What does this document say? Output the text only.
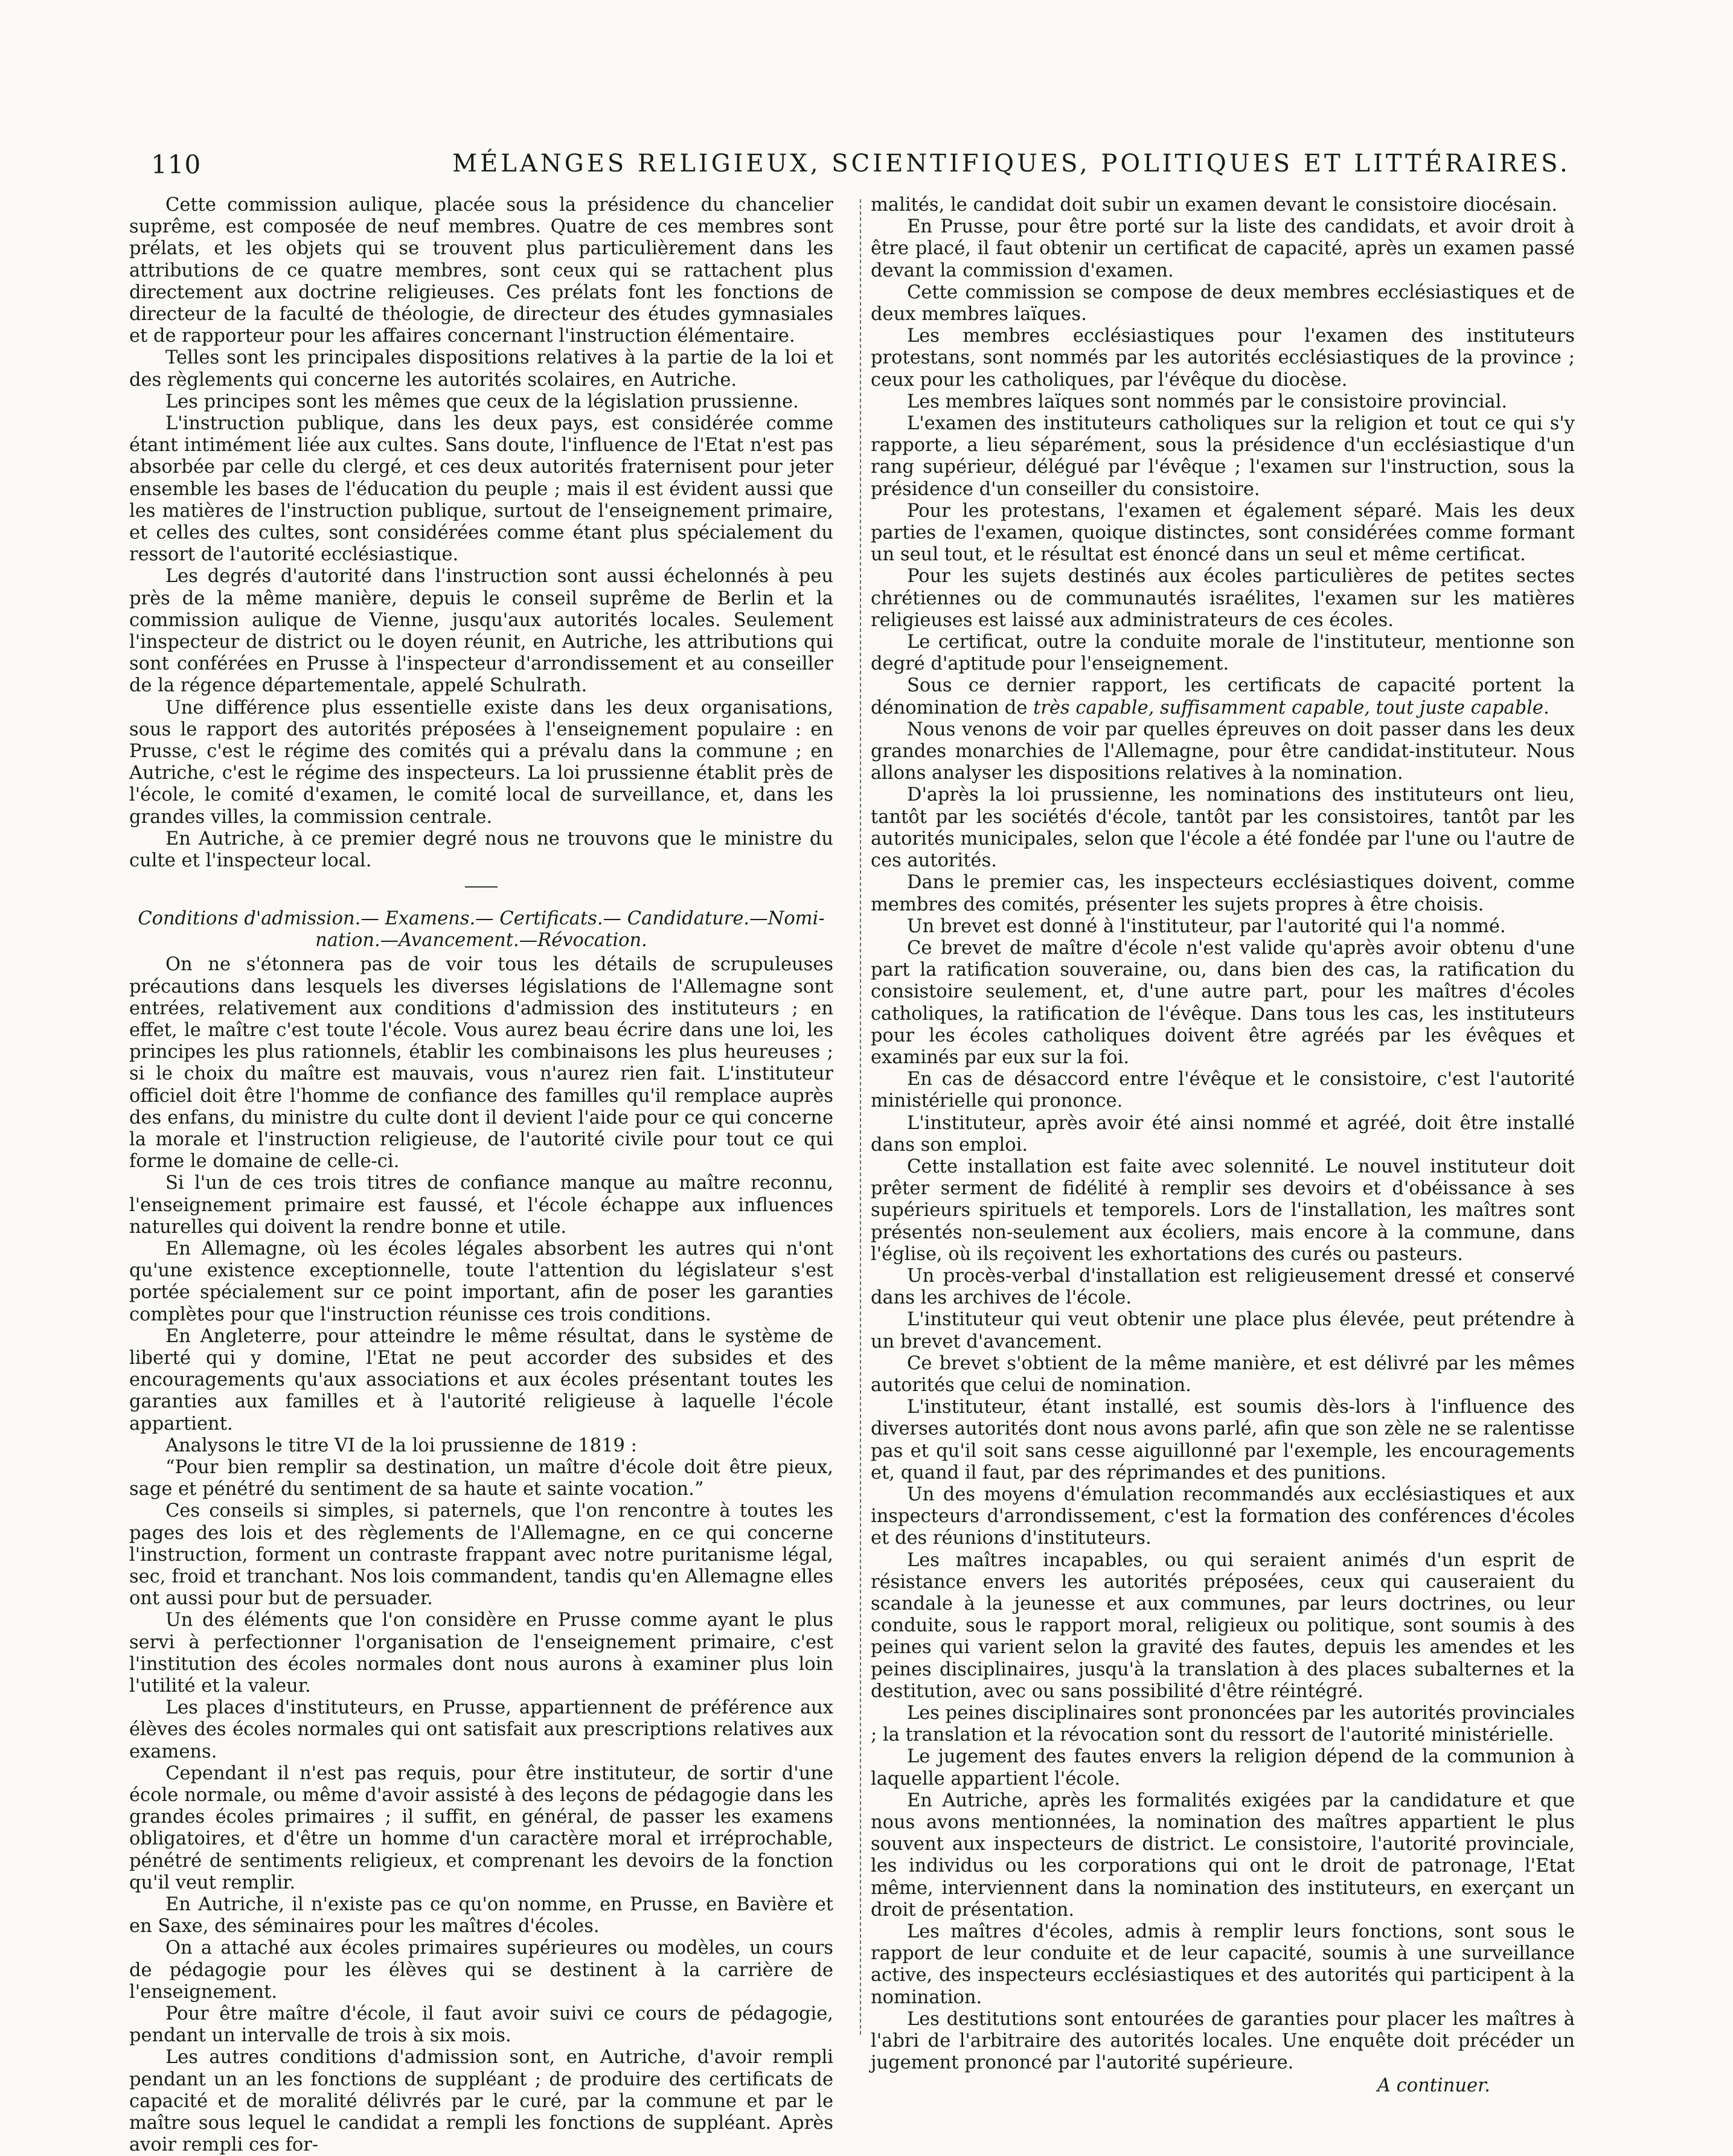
110	MÉLANGES RELIGIEUX, SCIENTIFIQUES, POLITIQUES ET LITTÉRAIRES.

Cette commission aulique, placée sous la présidence du chancelier suprême, est composée de neuf membres. Quatre de ces membres sont prélats, et les objets qui se trouvent plus particulièrement dans les attributions de ce quatre membres, sont ceux qui se rattachent plus directement aux doctrine religieuses. Ces prélats font les fonctions de directeur de la faculté de théologie, de directeur des études gymnasiales et de rapporteur pour les affaires concernant l'instruction élémentaire.

Telles sont les principales dispositions relatives à la partie de la loi et des règlements qui concerne les autorités scolaires, en Autriche.

Les principes sont les mêmes que ceux de la législation prussienne.

L'instruction publique, dans les deux pays, est considérée comme étant intimément liée aux cultes. Sans doute, l'influence de l'Etat n'est pas absorbée par celle du clergé, et ces deux autorités fraternisent pour jeter ensemble les bases de l'éducation du peuple ; mais il est évident aussi que les matières de l'instruction publique, surtout de l'enseignement primaire, et celles des cultes, sont considérées comme étant plus spécialement du ressort de l'autorité ecclésiastique.

Les degrés d'autorité dans l'instruction sont aussi échelonnés à peu près de la même manière, depuis le conseil suprême de Berlin et la commission aulique de Vienne, jusqu'aux autorités locales. Seulement l'inspecteur de district ou le doyen réunit, en Autriche, les attributions qui sont conférées en Prusse à l'inspecteur d'arrondissement et au conseiller de la régence départementale, appelé Schulrath.

Une différence plus essentielle existe dans les deux organisations, sous le rapport des autorités préposées à l'enseignement populaire : en Prusse, c'est le régime des comités qui a prévalu dans la commune ; en Autriche, c'est le régime des inspecteurs. La loi prussienne établit près de l'école, le comité d'examen, le comité local de surveillance, et, dans les grandes villes, la commission centrale.

En Autriche, à ce premier degré nous ne trouvons que le ministre du culte et l'inspecteur local.

Conditions d'admission.— Examens.— Certificats.— Candidature.—Nomi-
nation.—Avancement.—Révocation.

On ne s'étonnera pas de voir tous les détails de scrupuleuses précautions dans lesquels les diverses législations de l'Allemagne sont entrées, relativement aux conditions d'admission des instituteurs ; en effet, le maître c'est toute l'école. Vous aurez beau écrire dans une loi, les principes les plus rationnels, établir les combinaisons les plus heureuses ; si le choix du maître est mauvais, vous n'aurez rien fait. L'instituteur officiel doit être l'homme de confiance des familles qu'il remplace auprès des enfans, du ministre du culte dont il devient l'aide pour ce qui concerne la morale et l'instruction religieuse, de l'autorité civile pour tout ce qui forme le domaine de celle-ci.

Si l'un de ces trois titres de confiance manque au maître reconnu, l'enseignement primaire est faussé, et l'école échappe aux influences naturelles qui doivent la rendre bonne et utile.

En Allemagne, où les écoles légales absorbent les autres qui n'ont qu'une existence exceptionnelle, toute l'attention du législateur s'est portée spécialement sur ce point important, afin de poser les garanties complètes pour que l'instruction réunisse ces trois conditions.

En Angleterre, pour atteindre le même résultat, dans le système de liberté qui y domine, l'Etat ne peut accorder des subsides et des encouragements qu'aux associations et aux écoles présentant toutes les garanties aux familles et à l'autorité religieuse à laquelle l'école appartient.

Analysons le titre VI de la loi prussienne de 1819 :

“Pour bien remplir sa destination, un maître d'école doit être pieux, sage et pénétré du sentiment de sa haute et sainte vocation.”

Ces conseils si simples, si paternels, que l'on rencontre à toutes les pages des lois et des règlements de l'Allemagne, en ce qui concerne l'instruction, forment un contraste frappant avec notre puritanisme légal, sec, froid et tranchant. Nos lois commandent, tandis qu'en Allemagne elles ont aussi pour but de persuader.

Un des éléments que l'on considère en Prusse comme ayant le plus servi à perfectionner l'organisation de l'enseignement primaire, c'est l'institution des écoles normales dont nous aurons à examiner plus loin l'utilité et la valeur.

Les places d'instituteurs, en Prusse, appartiennent de préférence aux élèves des écoles normales qui ont satisfait aux prescriptions relatives aux examens.

Cependant il n'est pas requis, pour être instituteur, de sortir d'une école normale, ou même d'avoir assisté à des leçons de pédagogie dans les grandes écoles primaires ; il suffit, en général, de passer les examens obligatoires, et d'être un homme d'un caractère moral et irréprochable, pénétré de sentiments religieux, et comprenant les devoirs de la fonction qu'il veut remplir.

En Autriche, il n'existe pas ce qu'on nomme, en Prusse, en Bavière et en Saxe, des séminaires pour les maîtres d'écoles.

On a attaché aux écoles primaires supérieures ou modèles, un cours de pédagogie pour les élèves qui se destinent à la carrière de l'enseignement.

Pour être maître d'école, il faut avoir suivi ce cours de pédagogie, pendant un intervalle de trois à six mois.

Les autres conditions d'admission sont, en Autriche, d'avoir rempli pendant un an les fonctions de suppléant ; de produire des certificats de capacité et de moralité délivrés par le curé, par la commune et par le maître sous lequel le candidat a rempli les fonctions de suppléant. Après avoir rempli ces for-

malités, le candidat doit subir un examen devant le consistoire diocésain.

En Prusse, pour être porté sur la liste des candidats, et avoir droit à être placé, il faut obtenir un certificat de capacité, après un examen passé devant la commission d'examen.

Cette commission se compose de deux membres ecclésiastiques et de deux membres laïques.

Les membres ecclésiastiques pour l'examen des instituteurs protestans, sont nommés par les autorités ecclésiastiques de la province ; ceux pour les catholiques, par l'évêque du diocèse.

Les membres laïques sont nommés par le consistoire provincial.

L'examen des instituteurs catholiques sur la religion et tout ce qui s'y rapporte, a lieu séparément, sous la présidence d'un ecclésiastique d'un rang supérieur, délégué par l'évêque ; l'examen sur l'instruction, sous la présidence d'un conseiller du consistoire.

Pour les protestans, l'examen et également séparé. Mais les deux parties de l'examen, quoique distinctes, sont considérées comme formant un seul tout, et le résultat est énoncé dans un seul et même certificat.

Pour les sujets destinés aux écoles particulières de petites sectes chrétiennes ou de communautés israélites, l'examen sur les matières religieuses est laissé aux administrateurs de ces écoles.

Le certificat, outre la conduite morale de l'instituteur, mentionne son degré d'aptitude pour l'enseignement.

Sous ce dernier rapport, les certificats de capacité portent la dénomination de très capable, suffisamment capable, tout juste capable.

Nous venons de voir par quelles épreuves on doit passer dans les deux grandes monarchies de l'Allemagne, pour être candidat-instituteur. Nous allons analyser les dispositions relatives à la nomination.

D'après la loi prussienne, les nominations des instituteurs ont lieu, tantôt par les sociétés d'école, tantôt par les consistoires, tantôt par les autorités municipales, selon que l'école a été fondée par l'une ou l'autre de ces autorités.

Dans le premier cas, les inspecteurs ecclésiastiques doivent, comme membres des comités, présenter les sujets propres à être choisis.

Un brevet est donné à l'instituteur, par l'autorité qui l'a nommé.

Ce brevet de maître d'école n'est valide qu'après avoir obtenu d'une part la ratification souveraine, ou, dans bien des cas, la ratification du consistoire seulement, et, d'une autre part, pour les maîtres d'écoles catholiques, la ratification de l'évêque. Dans tous les cas, les instituteurs pour les écoles catholiques doivent être agréés par les évêques et examinés par eux sur la foi.

En cas de désaccord entre l'évêque et le consistoire, c'est l'autorité ministérielle qui prononce.

L'instituteur, après avoir été ainsi nommé et agréé, doit être installé dans son emploi.

Cette installation est faite avec solennité. Le nouvel instituteur doit prêter serment de fidélité à remplir ses devoirs et d'obéissance à ses supérieurs spirituels et temporels. Lors de l'installation, les maîtres sont présentés non-seulement aux écoliers, mais encore à la commune, dans l'église, où ils reçoivent les exhortations des curés ou pasteurs.

Un procès-verbal d'installation est religieusement dressé et conservé dans les archives de l'école.

L'instituteur qui veut obtenir une place plus élevée, peut prétendre à un brevet d'avancement.

Ce brevet s'obtient de la même manière, et est délivré par les mêmes autorités que celui de nomination.

L'instituteur, étant installé, est soumis dès-lors à l'influence des diverses autorités dont nous avons parlé, afin que son zèle ne se ralentisse pas et qu'il soit sans cesse aiguillonné par l'exemple, les encouragements et, quand il faut, par des réprimandes et des punitions.

Un des moyens d'émulation recommandés aux ecclésiastiques et aux inspecteurs d'arrondissement, c'est la formation des conférences d'écoles et des réunions d'instituteurs.

Les maîtres incapables, ou qui seraient animés d'un esprit de résistance envers les autorités préposées, ceux qui causeraient du scandale à la jeunesse et aux communes, par leurs doctrines, ou leur conduite, sous le rapport moral, religieux ou politique, sont soumis à des peines qui varient selon la gravité des fautes, depuis les amendes et les peines disciplinaires, jusqu'à la translation à des places subalternes et la destitution, avec ou sans possibilité d'être réintégré.

Les peines disciplinaires sont prononcées par les autorités provinciales ; la translation et la révocation sont du ressort de l'autorité ministérielle.

Le jugement des fautes envers la religion dépend de la communion à laquelle appartient l'école.

En Autriche, après les formalités exigées par la candidature et que nous avons mentionnées, la nomination des maîtres appartient le plus souvent aux inspecteurs de district. Le consistoire, l'autorité provinciale, les individus ou les corporations qui ont le droit de patronage, l'Etat même, interviennent dans la nomination des instituteurs, en exerçant un droit de présentation.

Les maîtres d'écoles, admis à remplir leurs fonctions, sont sous le rapport de leur conduite et de leur capacité, soumis à une surveillance active, des inspecteurs ecclésiastiques et des autorités qui participent à la nomination.

Les destitutions sont entourées de garanties pour placer les maîtres à l'abri de l'arbitraire des autorités locales. Une enquête doit précéder un jugement prononcé par l'autorité supérieure.

A continuer.
